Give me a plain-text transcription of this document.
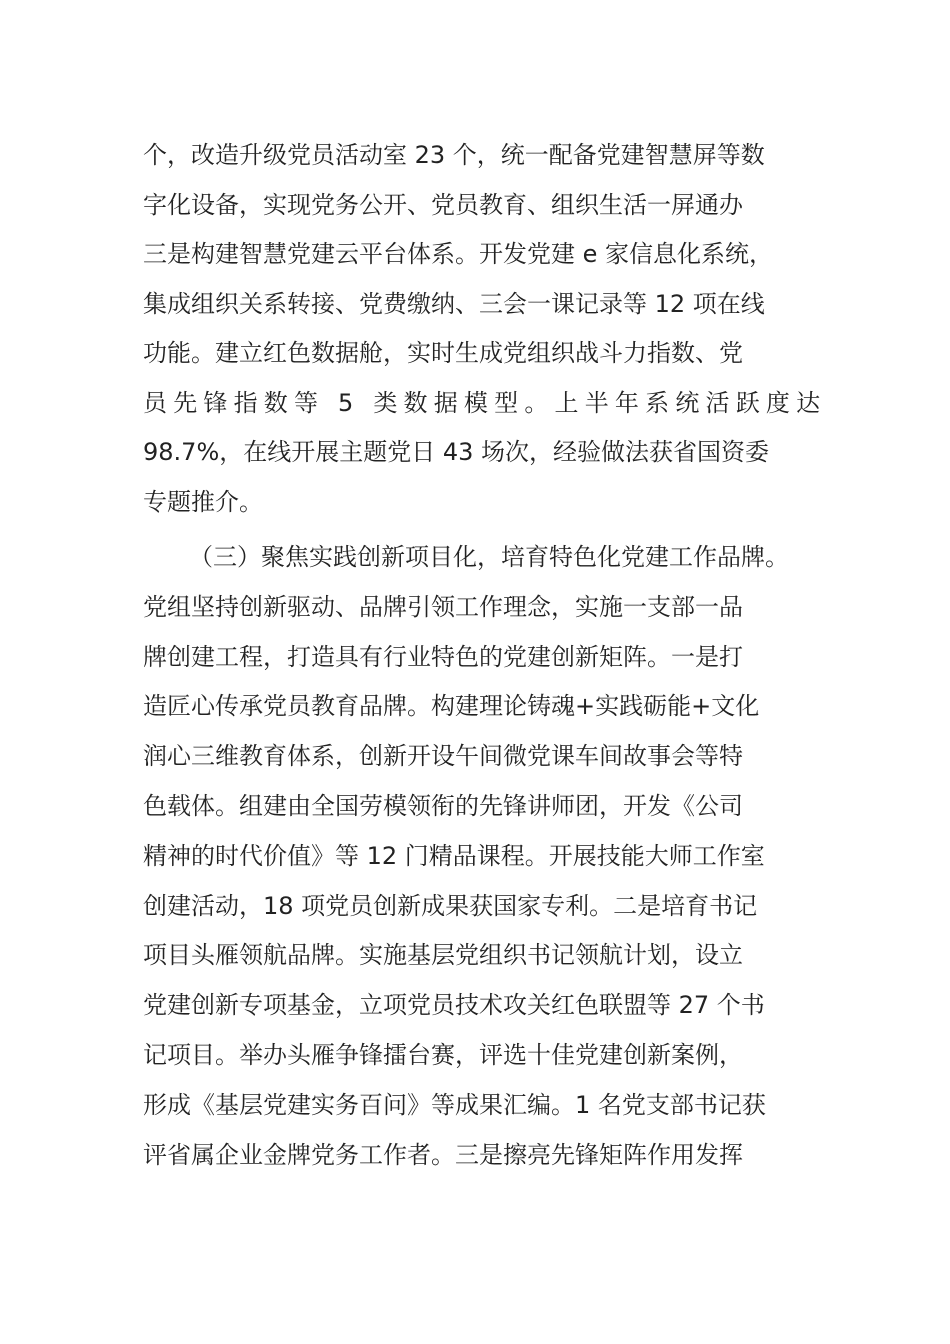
个，改造升级党员活动室 23 个，统一配备党建智慧屏等数
字化设备，实现党务公开、党员教育、组织生活一屏通办
三是构建智慧党建云平台体系。开发党建 e 家信息化系统，
集成组织关系转接、党费缴纳、三会一课记录等 12 项在线
功能。建立红色数据舱，实时生成党组织战斗力指数、党
员先锋指数等 5 类数据模型。上半年系统活跃度达
98.7%，在线开展主题党日 43 场次，经验做法获省国资委
专题推介。
（三）聚焦实践创新项目化，培育特色化党建工作品牌。
党组坚持创新驱动、品牌引领工作理念，实施一支部一品
牌创建工程，打造具有行业特色的党建创新矩阵。一是打
造匠心传承党员教育品牌。构建理论铸魂+实践砺能+文化
润心三维教育体系，创新开设午间微党课车间故事会等特
色载体。组建由全国劳模领衔的先锋讲师团，开发《公司
精神的时代价值》等 12 门精品课程。开展技能大师工作室
创建活动，18 项党员创新成果获国家专利。二是培育书记
项目头雁领航品牌。实施基层党组织书记领航计划，设立
党建创新专项基金，立项党员技术攻关红色联盟等 27 个书
记项目。举办头雁争锋擂台赛，评选十佳党建创新案例，
形成《基层党建实务百问》等成果汇编。1 名党支部书记获
评省属企业金牌党务工作者。三是擦亮先锋矩阵作用发挥
